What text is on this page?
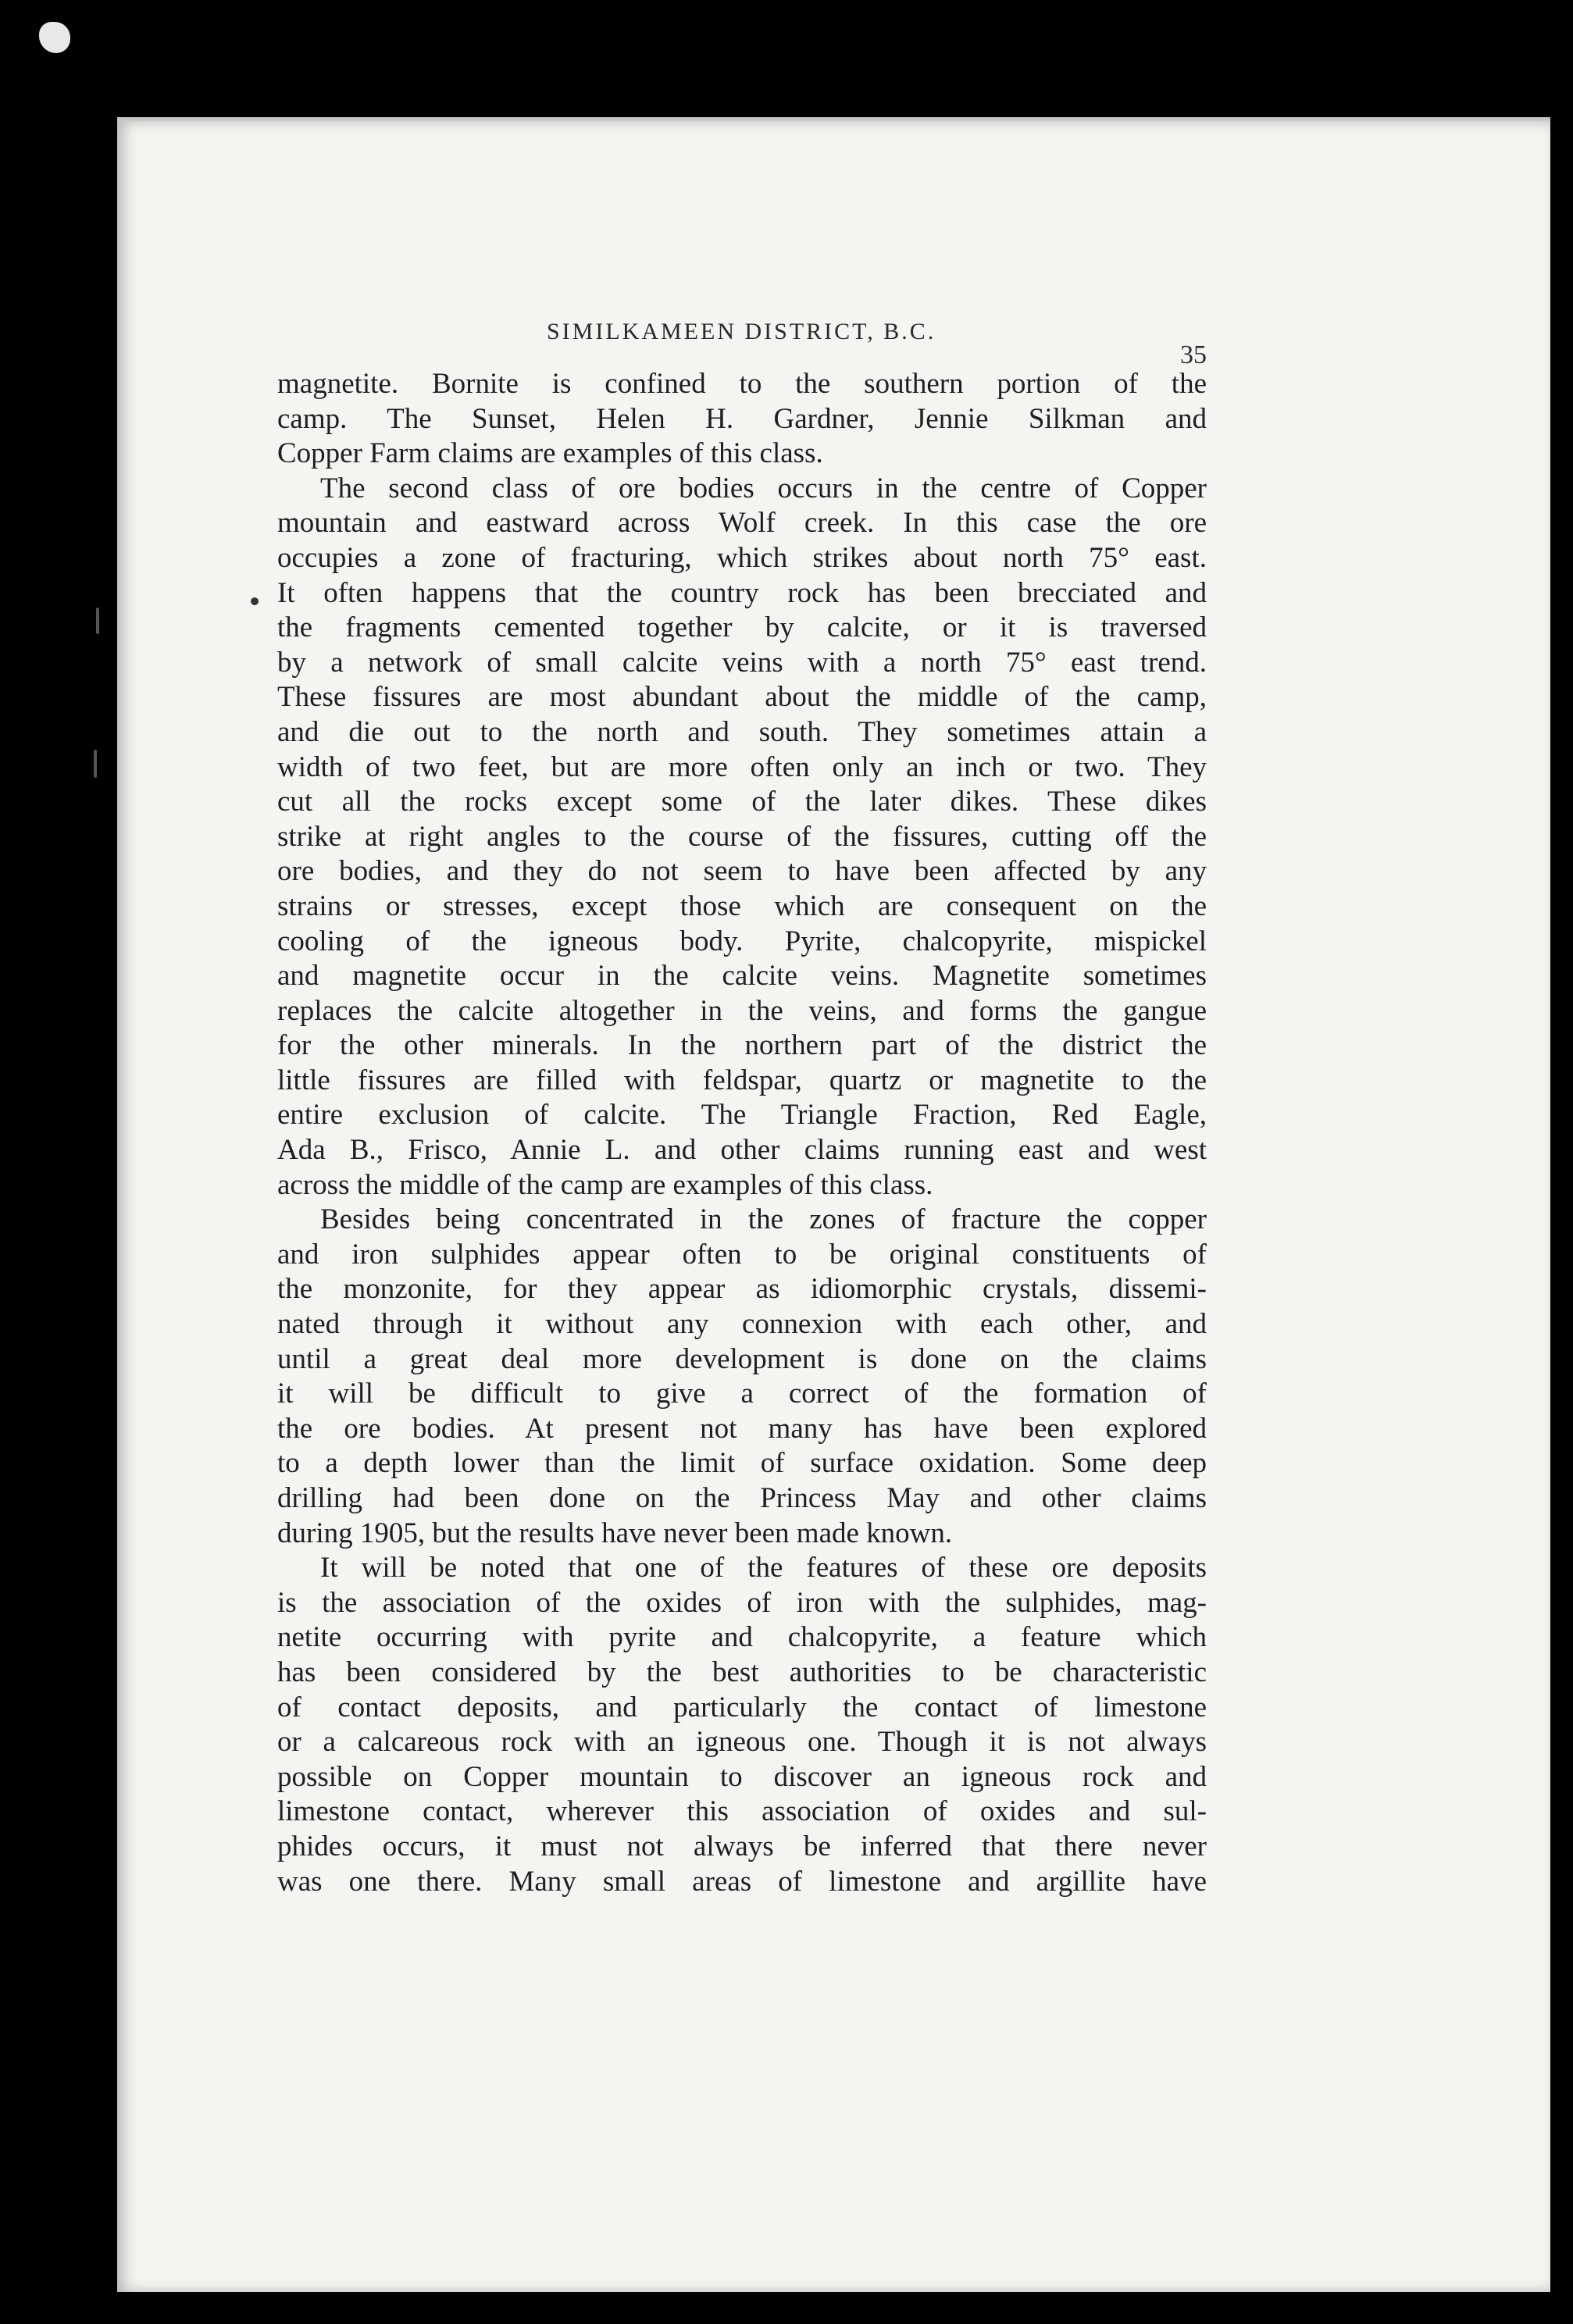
SIMILKAMEEN DISTRICT, B.C.
35

magnetite. Bornite is confined to the southern portion of the

camp. The Sunset, Helen H. Gardner, Jennie Silkman and

Copper Farm claims are examples of this class.

The second class of ore bodies occurs in the centre of Copper

mountain and eastward across Wolf creek. In this case the ore

occupies a zone of fracturing, which strikes about north 75° east.

It often happens that the country rock has been brecciated and

the fragments cemented together by calcite, or it is traversed

by a network of small calcite veins with a north 75° east trend.

These fissures are most abundant about the middle of the camp,

and die out to the north and south. They sometimes attain a

width of two feet, but are more often only an inch or two. They

cut all the rocks except some of the later dikes. These dikes

strike at right angles to the course of the fissures, cutting off the

ore bodies, and they do not seem to have been affected by any

strains or stresses, except those which are consequent on the

cooling of the igneous body. Pyrite, chalcopyrite, mispickel

and magnetite occur in the calcite veins. Magnetite sometimes

replaces the calcite altogether in the veins, and forms the gangue

for the other minerals. In the northern part of the district the

little fissures are filled with feldspar, quartz or magnetite to the

entire exclusion of calcite. The Triangle Fraction, Red Eagle,

Ada B., Frisco, Annie L. and other claims running east and west

across the middle of the camp are examples of this class.

Besides being concentrated in the zones of fracture the copper

and iron sulphides appear often to be original constituents of

the monzonite, for they appear as idiomorphic crystals, dissemi-

nated through it without any connexion with each other, and

until a great deal more development is done on the claims

it will be difficult to give a correct of the formation of

the ore bodies. At present not many has have been explored

to a depth lower than the limit of surface oxidation. Some deep

drilling had been done on the Princess May and other claims

during 1905, but the results have never been made known.

It will be noted that one of the features of these ore deposits

is the association of the oxides of iron with the sulphides, mag-

netite occurring with pyrite and chalcopyrite, a feature which

has been considered by the best authorities to be characteristic

of contact deposits, and particularly the contact of limestone

or a calcareous rock with an igneous one. Though it is not always

possible on Copper mountain to discover an igneous rock and

limestone contact, wherever this association of oxides and sul-

phides occurs, it must not always be inferred that there never

was one there. Many small areas of limestone and argillite have
